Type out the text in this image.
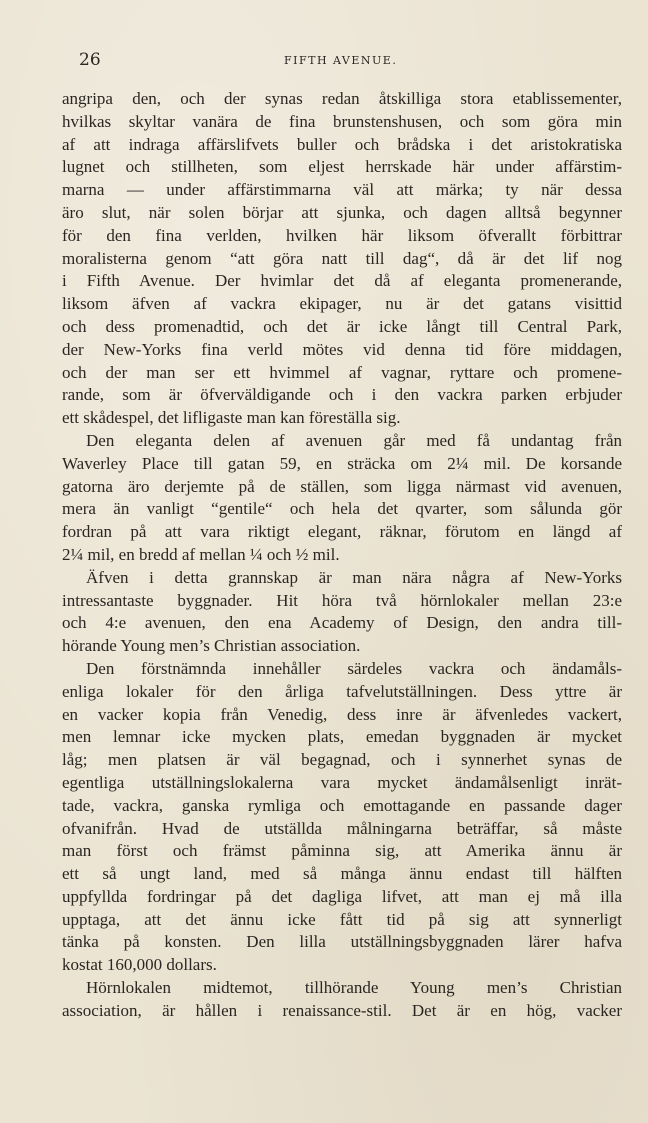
26	FIFTH AVENUE.
angripa den, och der synas redan åtskilliga stora etablissementer,
hvilkas skyltar vanära de fina brunstenshusen, och som göra min
af att indraga affärslifvets buller och brådska i det aristokratiska
lugnet och stillheten, som eljest herrskade här under affärstim-
marna — under affärstimmarna väl att märka; ty när dessa
äro slut, när solen börjar att sjunka, och dagen alltså begynner
för den fina verlden, hvilken här liksom öfverallt förbittrar
moralisterna genom “att göra natt till dag“, då är det lif nog
i Fifth Avenue. Der hvimlar det då af eleganta promenerande,
liksom äfven af vackra ekipager, nu är det gatans visittid
och dess promenadtid, och det är icke långt till Central Park,
der New-Yorks fina verld mötes vid denna tid före middagen,
och der man ser ett hvimmel af vagnar, ryttare och promene-
rande, som är öfverväldigande och i den vackra parken erbjuder
ett skådespel, det lifligaste man kan föreställa sig.
Den eleganta delen af avenuen går med få undantag från
Waverley Place till gatan 59, en sträcka om 2¼ mil. De korsande
gatorna äro derjemte på de ställen, som ligga närmast vid avenuen,
mera än vanligt “gentile“ och hela det qvarter, som sålunda gör
fordran på att vara riktigt elegant, räknar, förutom en längd af
2¼ mil, en bredd af mellan ¼ och ½ mil.
Äfven i detta grannskap är man nära några af New-Yorks
intressantaste byggnader. Hit höra två hörnlokaler mellan 23:e
och 4:e avenuen, den ena Academy of Design, den andra till-
hörande Young men’s Christian association.
Den förstnämnda innehåller särdeles vackra och ändamåls-
enliga lokaler för den årliga tafvelutställningen. Dess yttre är
en vacker kopia från Venedig, dess inre är äfvenledes vackert,
men lemnar icke mycken plats, emedan byggnaden är mycket
låg; men platsen är väl begagnad, och i synnerhet synas de
egentliga utställningslokalerna vara mycket ändamålsenligt inrät-
tade, vackra, ganska rymliga och emottagande en passande dager
ofvanifrån. Hvad de utställda målningarna beträffar, så måste
man först och främst påminna sig, att Amerika ännu är
ett så ungt land, med så många ännu endast till hälften
uppfyllda fordringar på det dagliga lifvet, att man ej må illa
upptaga, att det ännu icke fått tid på sig att synnerligt
tänka på konsten. Den lilla utställningsbyggnaden lärer hafva
kostat 160,000 dollars.
Hörnlokalen midtemot, tillhörande Young men’s Christian
association, är hållen i renaissance-stil. Det är en hög, vacker
